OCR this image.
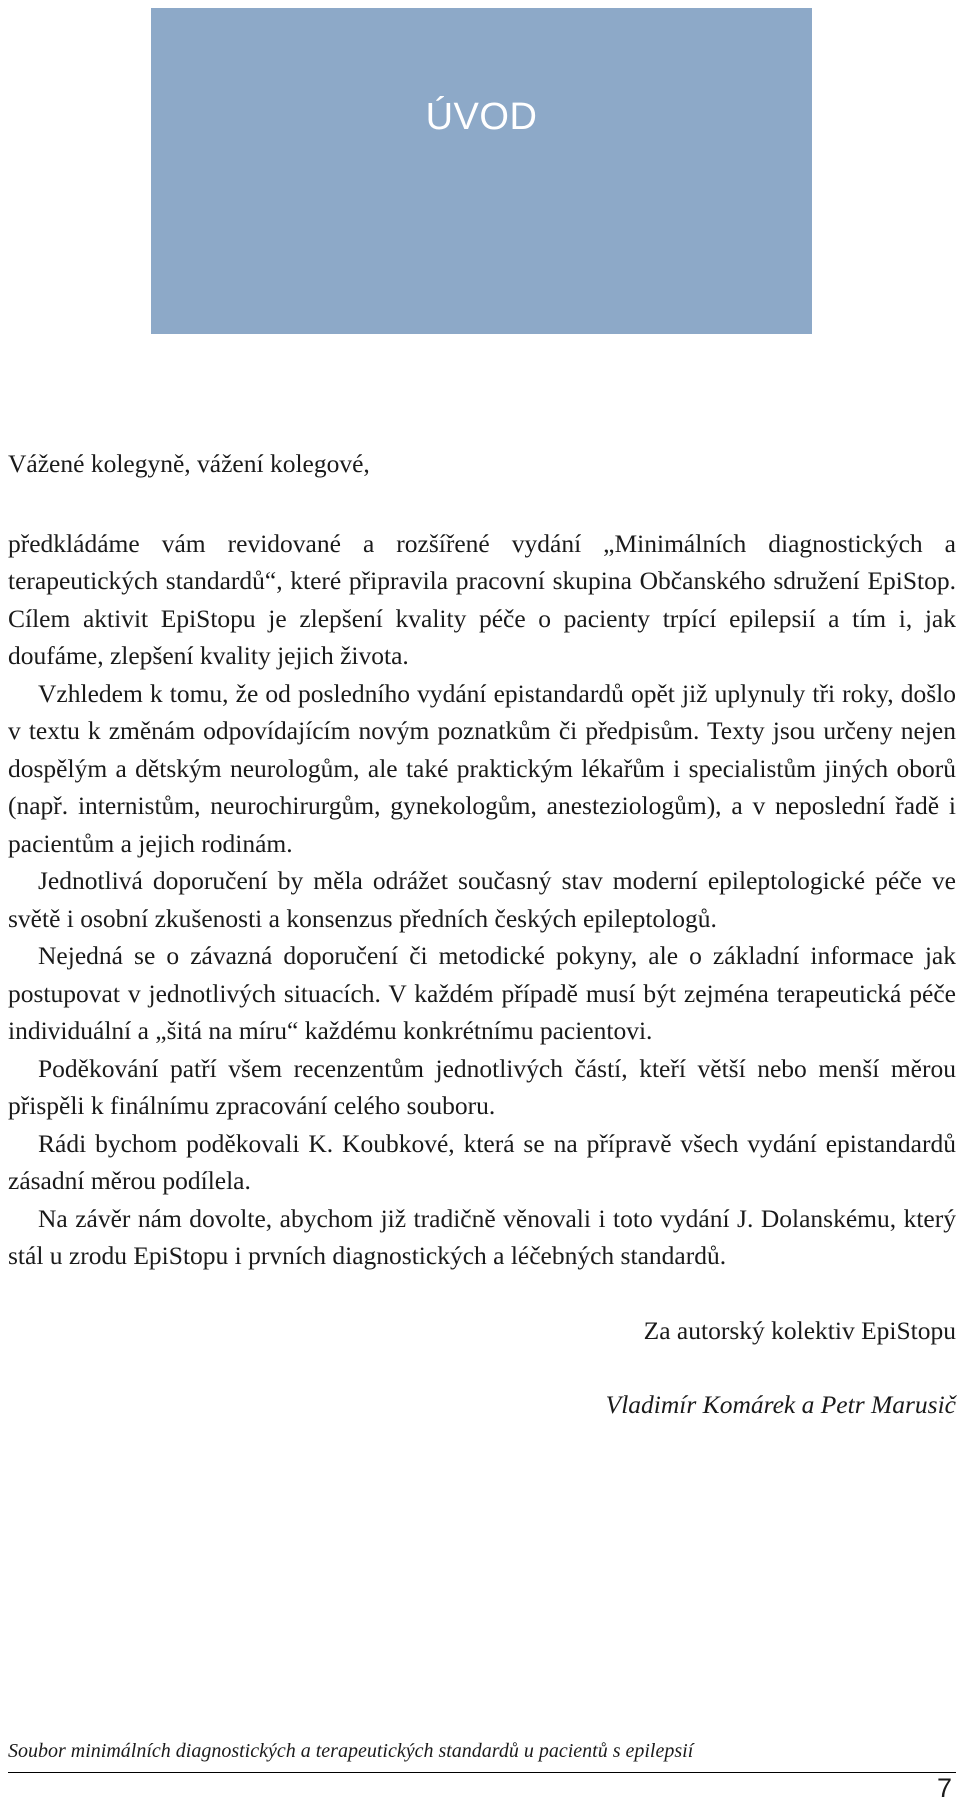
ÚVOD

Vážené kolegyně, vážení kolegové,

předkládáme vám revidované a rozšířené vydání „Minimálních diagnostických a terapeutických standardů“, které připravila pracovní skupina Občanského sdružení EpiStop. Cílem aktivit EpiStopu je zlepšení kvality péče o pacienty trpící epilepsií a tím i, jak doufáme, zlepšení kvality jejich života.

Vzhledem k tomu, že od posledního vydání epistandardů opět již uplynuly tři roky, došlo v textu k změnám odpovídajícím novým poznatkům či předpisům. Texty jsou určeny nejen dospělým a dětským neurologům, ale také praktickým lékařům i specialistům jiných oborů (např. internistům, neurochirurgům, gynekologům, anesteziologům), a v neposlední řadě i pacientům a jejich rodinám.

Jednotlivá doporučení by měla odrážet současný stav moderní epileptologické péče ve světě i osobní zkušenosti a konsenzus předních českých epileptologů.

Nejedná se o závazná doporučení či metodické pokyny, ale o základní informace jak postupovat v jednotlivých situacích. V každém případě musí být zejména terapeutická péče individuální a „šitá na míru“ každému konkrétnímu pacientovi.

Poděkování patří všem recenzentům jednotlivých částí, kteří větší nebo menší měrou přispěli k finálnímu zpracování celého souboru.

Rádi bychom poděkovali K. Koubkové, která se na přípravě všech vydání epistandardů zásadní měrou podílela.

Na závěr nám dovolte, abychom již tradičně věnovali i toto vydání J. Dolanskému, který stál u zrodu EpiStopu i prvních diagnostických a léčebných standardů.

Za autorský kolektiv EpiStopu

Vladimír Komárek a Petr Marusič

Soubor minimálních diagnostických a terapeutických standardů u pacientů s epilepsií
7
